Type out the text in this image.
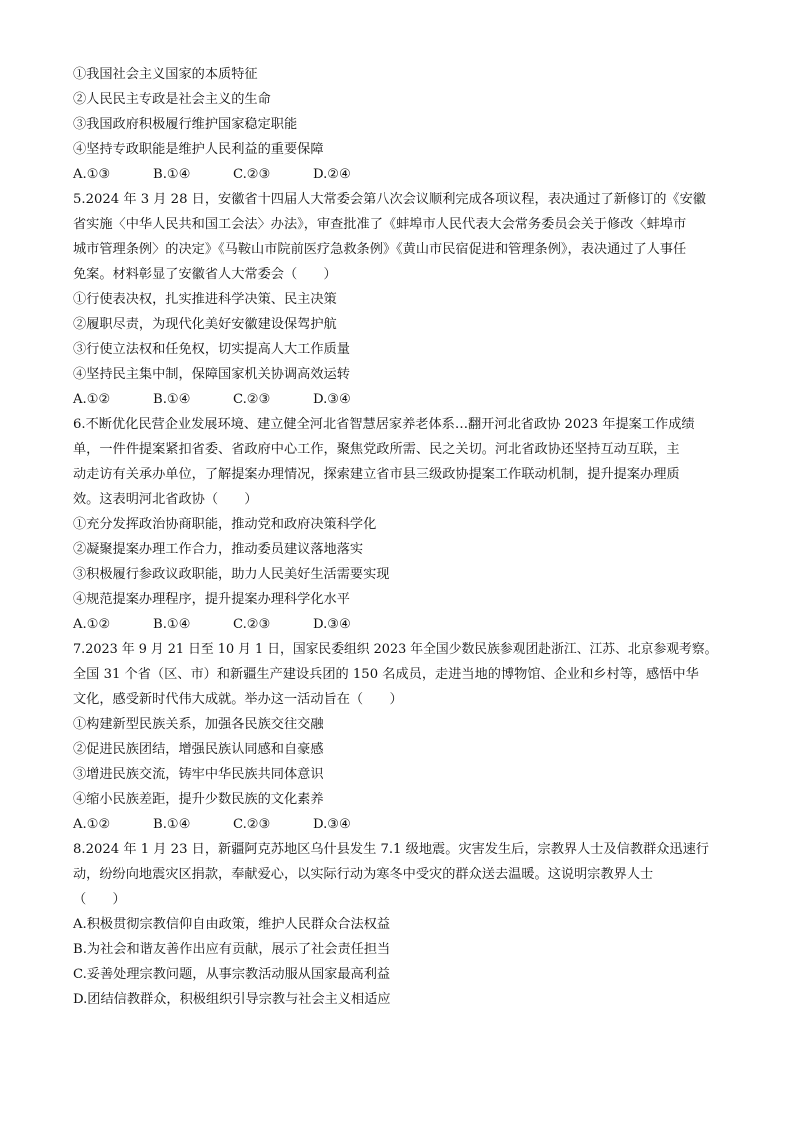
①我国社会主义国家的本质特征
②人民民主专政是社会主义的生命
③我国政府积极履行维护国家稳定职能
④坚持专政职能是维护人民利益的重要保障
A.①③	B.①④	C.②③	D.②④
5.2024 年 3 月 28 日，安徽省十四届人大常委会第八次会议顺利完成各项议程，表决通过了新修订的《安徽
省实施〈中华人民共和国工会法〉办法》，审查批准了《蚌埠市人民代表大会常务委员会关于修改〈蚌埠市
城市管理条例〉的决定》《马鞍山市院前医疗急救条例》《黄山市民宿促进和管理条例》，表决通过了人事任
免案。材料彰显了安徽省人大常委会（　　）
①行使表决权，扎实推进科学决策、民主决策
②履职尽责，为现代化美好安徽建设保驾护航
③行使立法权和任免权，切实提高人大工作质量
④坚持民主集中制，保障国家机关协调高效运转
A.①②	B.①④	C.②③	D.③④
6.不断优化民营企业发展环境、建立健全河北省智慧居家养老体系…翻开河北省政协 2023 年提案工作成绩
单，一件件提案紧扣省委、省政府中心工作，聚焦党政所需、民之关切。河北省政协还坚持互动互联，主
动走访有关承办单位，了解提案办理情况，探索建立省市县三级政协提案工作联动机制，提升提案办理质
效。这表明河北省政协（　　）
①充分发挥政治协商职能，推动党和政府决策科学化
②凝聚提案办理工作合力，推动委员建议落地落实
③积极履行参政议政职能，助力人民美好生活需要实现
④规范提案办理程序，提升提案办理科学化水平
A.①②	B.①④	C.②③	D.③④
7.2023 年 9 月 21 日至 10 月 1 日，国家民委组织 2023 年全国少数民族参观团赴浙江、江苏、北京参观考察。
全国 31 个省（区、市）和新疆生产建设兵团的 150 名成员，走进当地的博物馆、企业和乡村等，感悟中华
文化，感受新时代伟大成就。举办这一活动旨在（　　）
①构建新型民族关系，加强各民族交往交融
②促进民族团结，增强民族认同感和自豪感
③增进民族交流，铸牢中华民族共同体意识
④缩小民族差距，提升少数民族的文化素养
A.①②	B.①④	C.②③	D.③④
8.2024 年 1 月 23 日，新疆阿克苏地区乌什县发生 7.1 级地震。灾害发生后，宗教界人士及信教群众迅速行
动，纷纷向地震灾区捐款，奉献爱心，以实际行动为寒冬中受灾的群众送去温暖。这说明宗教界人士
（　　）
A.积极贯彻宗教信仰自由政策，维护人民群众合法权益
B.为社会和谐友善作出应有贡献，展示了社会责任担当
C.妥善处理宗教问题，从事宗教活动服从国家最高利益
D.团结信教群众，积极组织引导宗教与社会主义相适应
